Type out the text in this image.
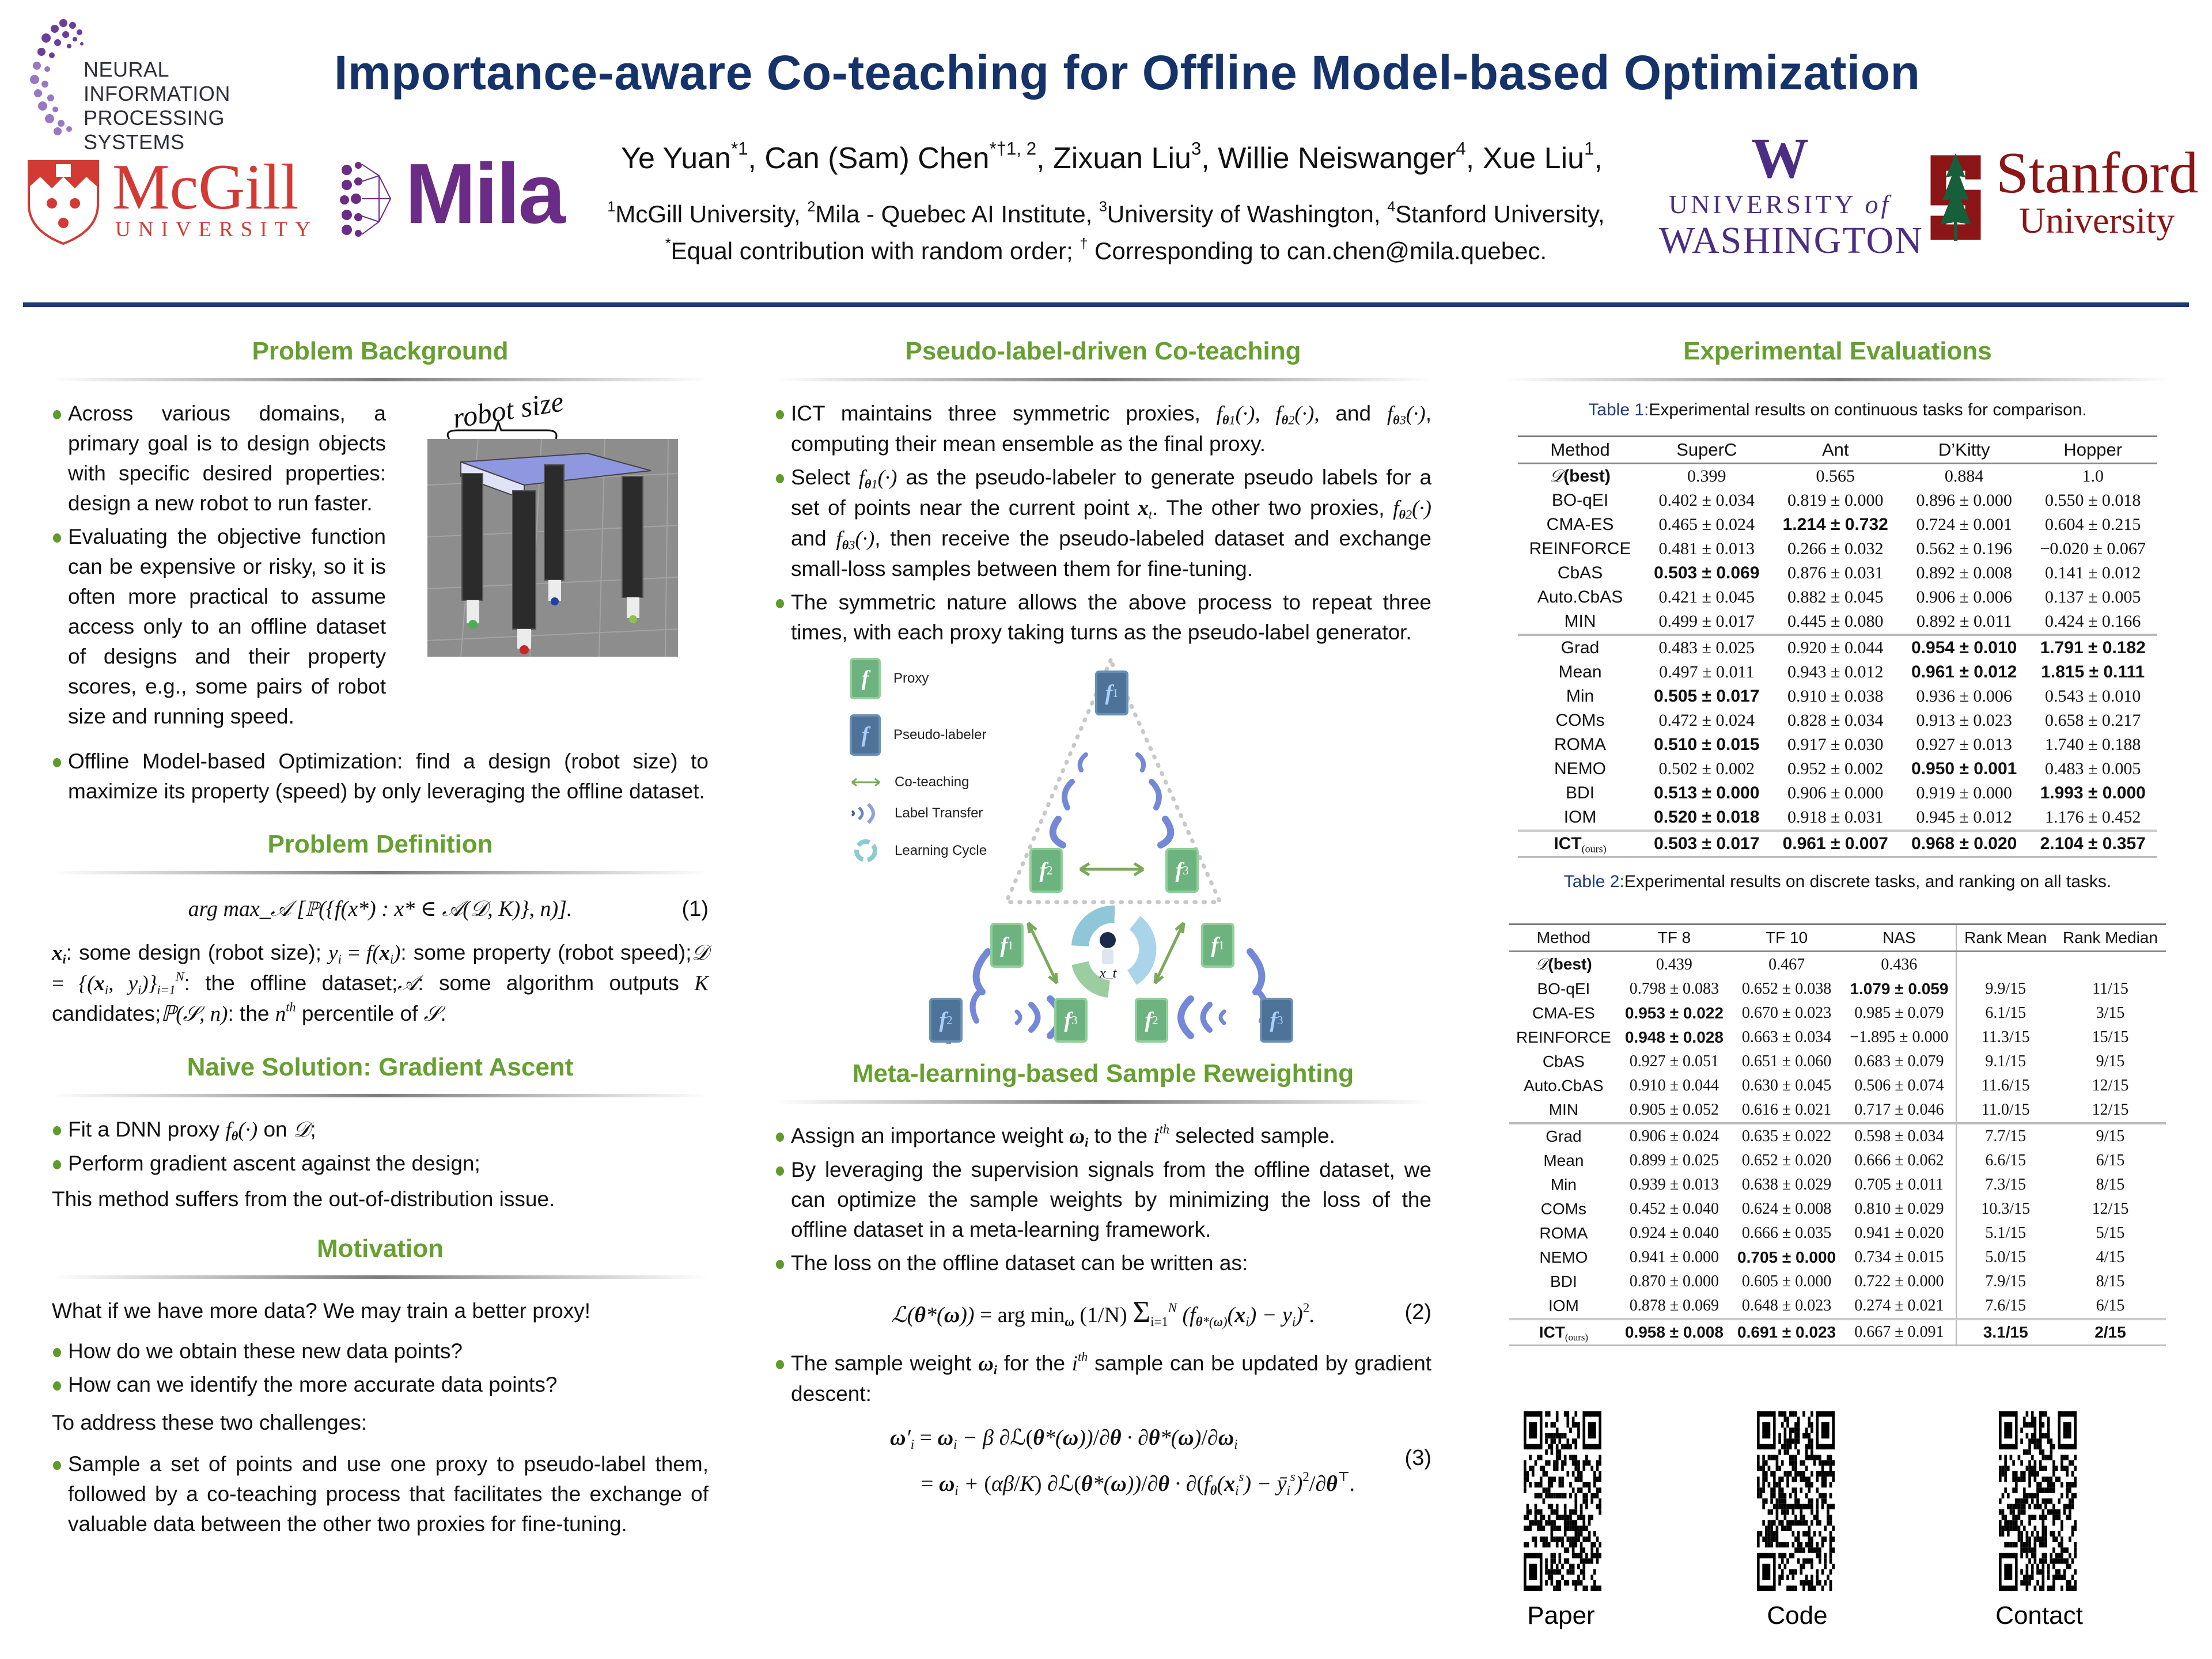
NEURAL INFORMATION
PROCESSING SYSTEMS
Importance-aware Co-teaching for Offline Model-based Optimization
McGill
UNIVERSITY Mila	Ye Yuan$^{*1}$, Can (Sam) Chen$^{*\dagger 1, 2}$, Zixuan Liu$^3$, Willie Neiswanger$^4$, Xue Liu$^1$,
$^1$McGill University, $^2$Mila - Quebec AI Institute, $^3$University of Washington, $^4$Stanford University,
*Equal contribution with random order; † Corresponding to can.chen@mila.quebec.
W
UNIVERSITY of
WASHINGTON
Stanford
University
Problem Background
Across various domains, a primary goal is to design objects with specific desired properties: design a new robot to run faster.
Evaluating the objective function can be expensive or risky, so it is often more practical to assume access only to an offline dataset of designs and their property scores, e.g., some pairs of robot size and running speed.
robot size
Offline Model-based Optimization: find a design (robot size) to maximize its property (speed) by only leveraging the offline dataset.
Problem Definition
arg max_𝒜 [ℙ({f(x*) : x* ∈ 𝒜(𝒟, K)}, n)].	(1)

$x_i$: some design (robot size); $y_i = f(x_i)$: some property (robot speed);𝒟 = {($x_i$, $y_i)\}_{i=1}^N$: the offline dataset;𝒜: some algorithm outputs K candidates;ℙ(𝒮, n): the $n^{th}$ percentile of 𝒮.

Naive Solution: Gradient Ascent
Fit a DNN proxy $f_\theta(\cdot)$ on 𝒟;
Perform gradient ascent against the design;

This method suffers from the out-of-distribution issue.

Motivation

What if we have more data? We may train a better proxy!

How do we obtain these new data points?
How can we identify the more accurate data points?

To address these two challenges:

Sample a set of points and use one proxy to pseudo-label them, followed by a co-teaching process that facilitates the exchange of valuable data between the other two proxies for fine-tuning.
Pseudo-label-driven Co-teaching
ICT maintains three symmetric proxies, $f_{\theta 1}(\cdot)$, $f_{\theta 2}(\cdot)$, and $f_{\theta 3}(\cdot)$, computing their mean ensemble as the final proxy.
Select $f_{\theta 1}(\cdot)$ as the pseudo-labeler to generate pseudo labels for a set of points near the current point $x_t$. The other two proxies, $f_{\theta 2}(\cdot)$ and $f_{\theta 3}(\cdot)$, then receive the pseudo-labeled dataset and exchange small-loss samples between them for fine-tuning.
The symmetric nature allows the above process to repeat three times, with each proxy taking turns as the pseudo-label generator.
f	Proxy
f	Pseudo-labeler
Co-teaching
Label Transfer
Learning Cycle
f 1
f 2	f 3
f 1	f 1
f 2	f 3	f 2	f 3
x_t
Meta-learning-based Sample Reweighting
Assign an importance weight $\omega_i$ to the $i^{th}$ selected sample.
By leveraging the supervision signals from the offline dataset, we can optimize the sample weights by minimizing the loss of the offline dataset in a meta-learning framework.
The loss on the offline dataset can be written as:
ℒ(θ*(ω)) = arg $\min_\omega (1/N)$ $\Sigma_{i=1}^N$ $(f_{\theta*(\omega)}(x_i) - y_i)^2$.	(2)
The sample weight $\omega_i$ for the $i^{th}$ sample can be updated by gradient descent:
$\omega'_i = \omega_i - \beta$ ∂ℒ(θ*(ω))/∂θ · $\partial\theta*(\omega)/\partial\omega_i$
= $\omega_i + (\alpha\beta/K)$ ∂ℒ(θ*(ω))/∂θ · $\partial(f_\theta(x_i^s)$ − $ȳ_i^s)^2/\partial\theta^⊤$.
(3)
Experimental Evaluations
Table 1:Experimental results on continuous tasks for comparison.
Method	SuperC	Ant	D’Kitty	Hopper
𝒟(best)	0.399	0.565	0.884	1.0
BO-qEI	0.402 ± 0.034	0.819 ± 0.000	0.896 ± 0.000	0.550 ± 0.018
CMA-ES	0.465 ± 0.024	1.214 ± 0.732	0.724 ± 0.001	0.604 ± 0.215
REINFORCE	0.481 ± 0.013	0.266 ± 0.032	0.562 ± 0.196	−0.020 ± 0.067
CbAS	0.503 ± 0.069	0.876 ± 0.031	0.892 ± 0.008	0.141 ± 0.012
Auto.CbAS	0.421 ± 0.045	0.882 ± 0.045	0.906 ± 0.006	0.137 ± 0.005
MIN	0.499 ± 0.017	0.445 ± 0.080	0.892 ± 0.011	0.424 ± 0.166
Grad	0.483 ± 0.025	0.920 ± 0.044	0.954 ± 0.010	1.791 ± 0.182
Mean	0.497 ± 0.011	0.943 ± 0.012	0.961 ± 0.012	1.815 ± 0.111
Min	0.505 ± 0.017	0.910 ± 0.038	0.936 ± 0.006	0.543 ± 0.010
COMs	0.472 ± 0.024	0.828 ± 0.034	0.913 ± 0.023	0.658 ± 0.217
ROMA	0.510 ± 0.015	0.917 ± 0.030	0.927 ± 0.013	1.740 ± 0.188
NEMO	0.502 ± 0.002	0.952 ± 0.002	0.950 ± 0.001	0.483 ± 0.005
BDI	0.513 ± 0.000	0.906 ± 0.000	0.919 ± 0.000	1.993 ± 0.000
IOM	0.520 ± 0.018	0.918 ± 0.031	0.945 ± 0.012	1.176 ± 0.452
$ICT_{(ours)}$	0.503 ± 0.017	0.961 ± 0.007	0.968 ± 0.020	2.104 ± 0.357
Table 2:Experimental results on discrete tasks, and ranking on all tasks.
Method	TF 8	TF 10	NAS	Rank Mean	Rank Median
𝒟(best)	0.439	0.467	0.436		
BO-qEI	0.798 ± 0.083	0.652 ± 0.038	1.079 ± 0.059	9.9/15	11/15
CMA-ES	0.953 ± 0.022	0.670 ± 0.023	0.985 ± 0.079	6.1/15	3/15
REINFORCE	0.948 ± 0.028	0.663 ± 0.034	−1.895 ± 0.000	11.3/15	15/15
CbAS	0.927 ± 0.051	0.651 ± 0.060	0.683 ± 0.079	9.1/15	9/15
Auto.CbAS	0.910 ± 0.044	0.630 ± 0.045	0.506 ± 0.074	11.6/15	12/15
MIN	0.905 ± 0.052	0.616 ± 0.021	0.717 ± 0.046	11.0/15	12/15
Grad	0.906 ± 0.024	0.635 ± 0.022	0.598 ± 0.034	7.7/15	9/15
Mean	0.899 ± 0.025	0.652 ± 0.020	0.666 ± 0.062	6.6/15	6/15
Min	0.939 ± 0.013	0.638 ± 0.029	0.705 ± 0.011	7.3/15	8/15
COMs	0.452 ± 0.040	0.624 ± 0.008	0.810 ± 0.029	10.3/15	12/15
ROMA	0.924 ± 0.040	0.666 ± 0.035	0.941 ± 0.020	5.1/15	5/15
NEMO	0.941 ± 0.000	0.705 ± 0.000	0.734 ± 0.015	5.0/15	4/15
BDI	0.870 ± 0.000	0.605 ± 0.000	0.722 ± 0.000	7.9/15	8/15
IOM	0.878 ± 0.069	0.648 ± 0.023	0.274 ± 0.021	7.6/15	6/15
$ICT_{(ours)}$	0.958 ± 0.008	0.691 ± 0.023	0.667 ± 0.091	3.1/15	2/15
Paper	Code	Contact
